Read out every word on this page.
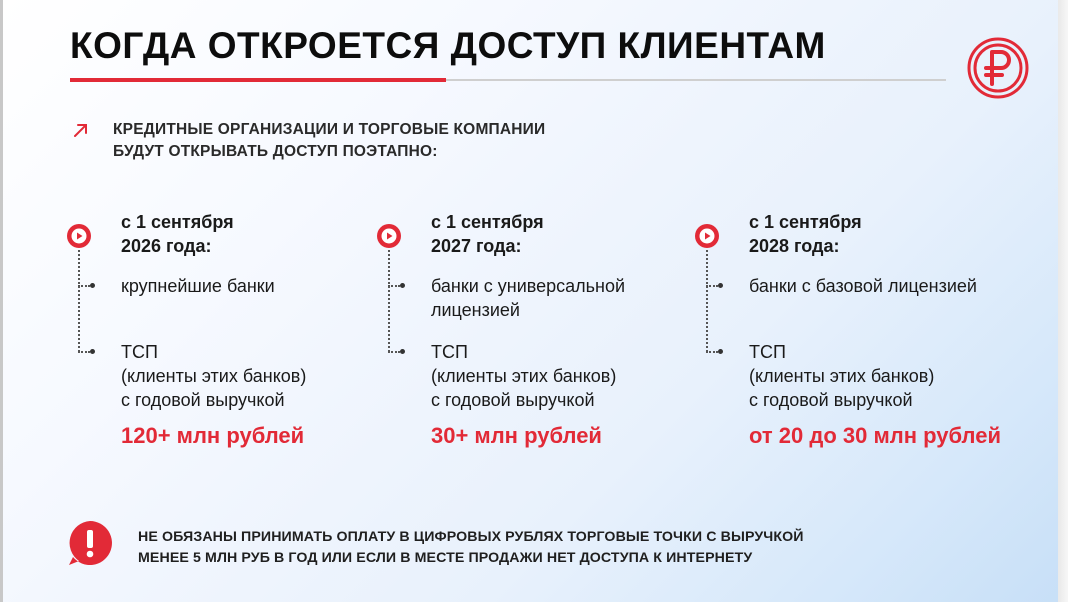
КОГДА ОТКРОЕТСЯ ДОСТУП КЛИЕНТАМ

КРЕДИТНЫЕ ОРГАНИЗАЦИИ И ТОРГОВЫЕ КОМПАНИИ
БУДУТ ОТКРЫВАТЬ ДОСТУП ПОЭТАПНО:

с 1 сентября
2026 года:
крупнейшие банки
ТСП
(клиенты этих банков)
с годовой выручкой
120+ млн рублей
с 1 сентября
2027 года:
банки с универсальной
лицензией
ТСП
(клиенты этих банков)
с годовой выручкой
30+ млн рублей
с 1 сентября
2028 года:
банки с базовой лицензией
ТСП
(клиенты этих банков)
с годовой выручкой
от 20 до 30 млн рублей

НЕ ОБЯЗАНЫ ПРИНИМАТЬ ОПЛАТУ В ЦИФРОВЫХ РУБЛЯХ ТОРГОВЫЕ ТОЧКИ С ВЫРУЧКОЙ
МЕНЕЕ 5 МЛН РУБ В ГОД ИЛИ ЕСЛИ В МЕСТЕ ПРОДАЖИ НЕТ ДОСТУПА К ИНТЕРНЕТУ
